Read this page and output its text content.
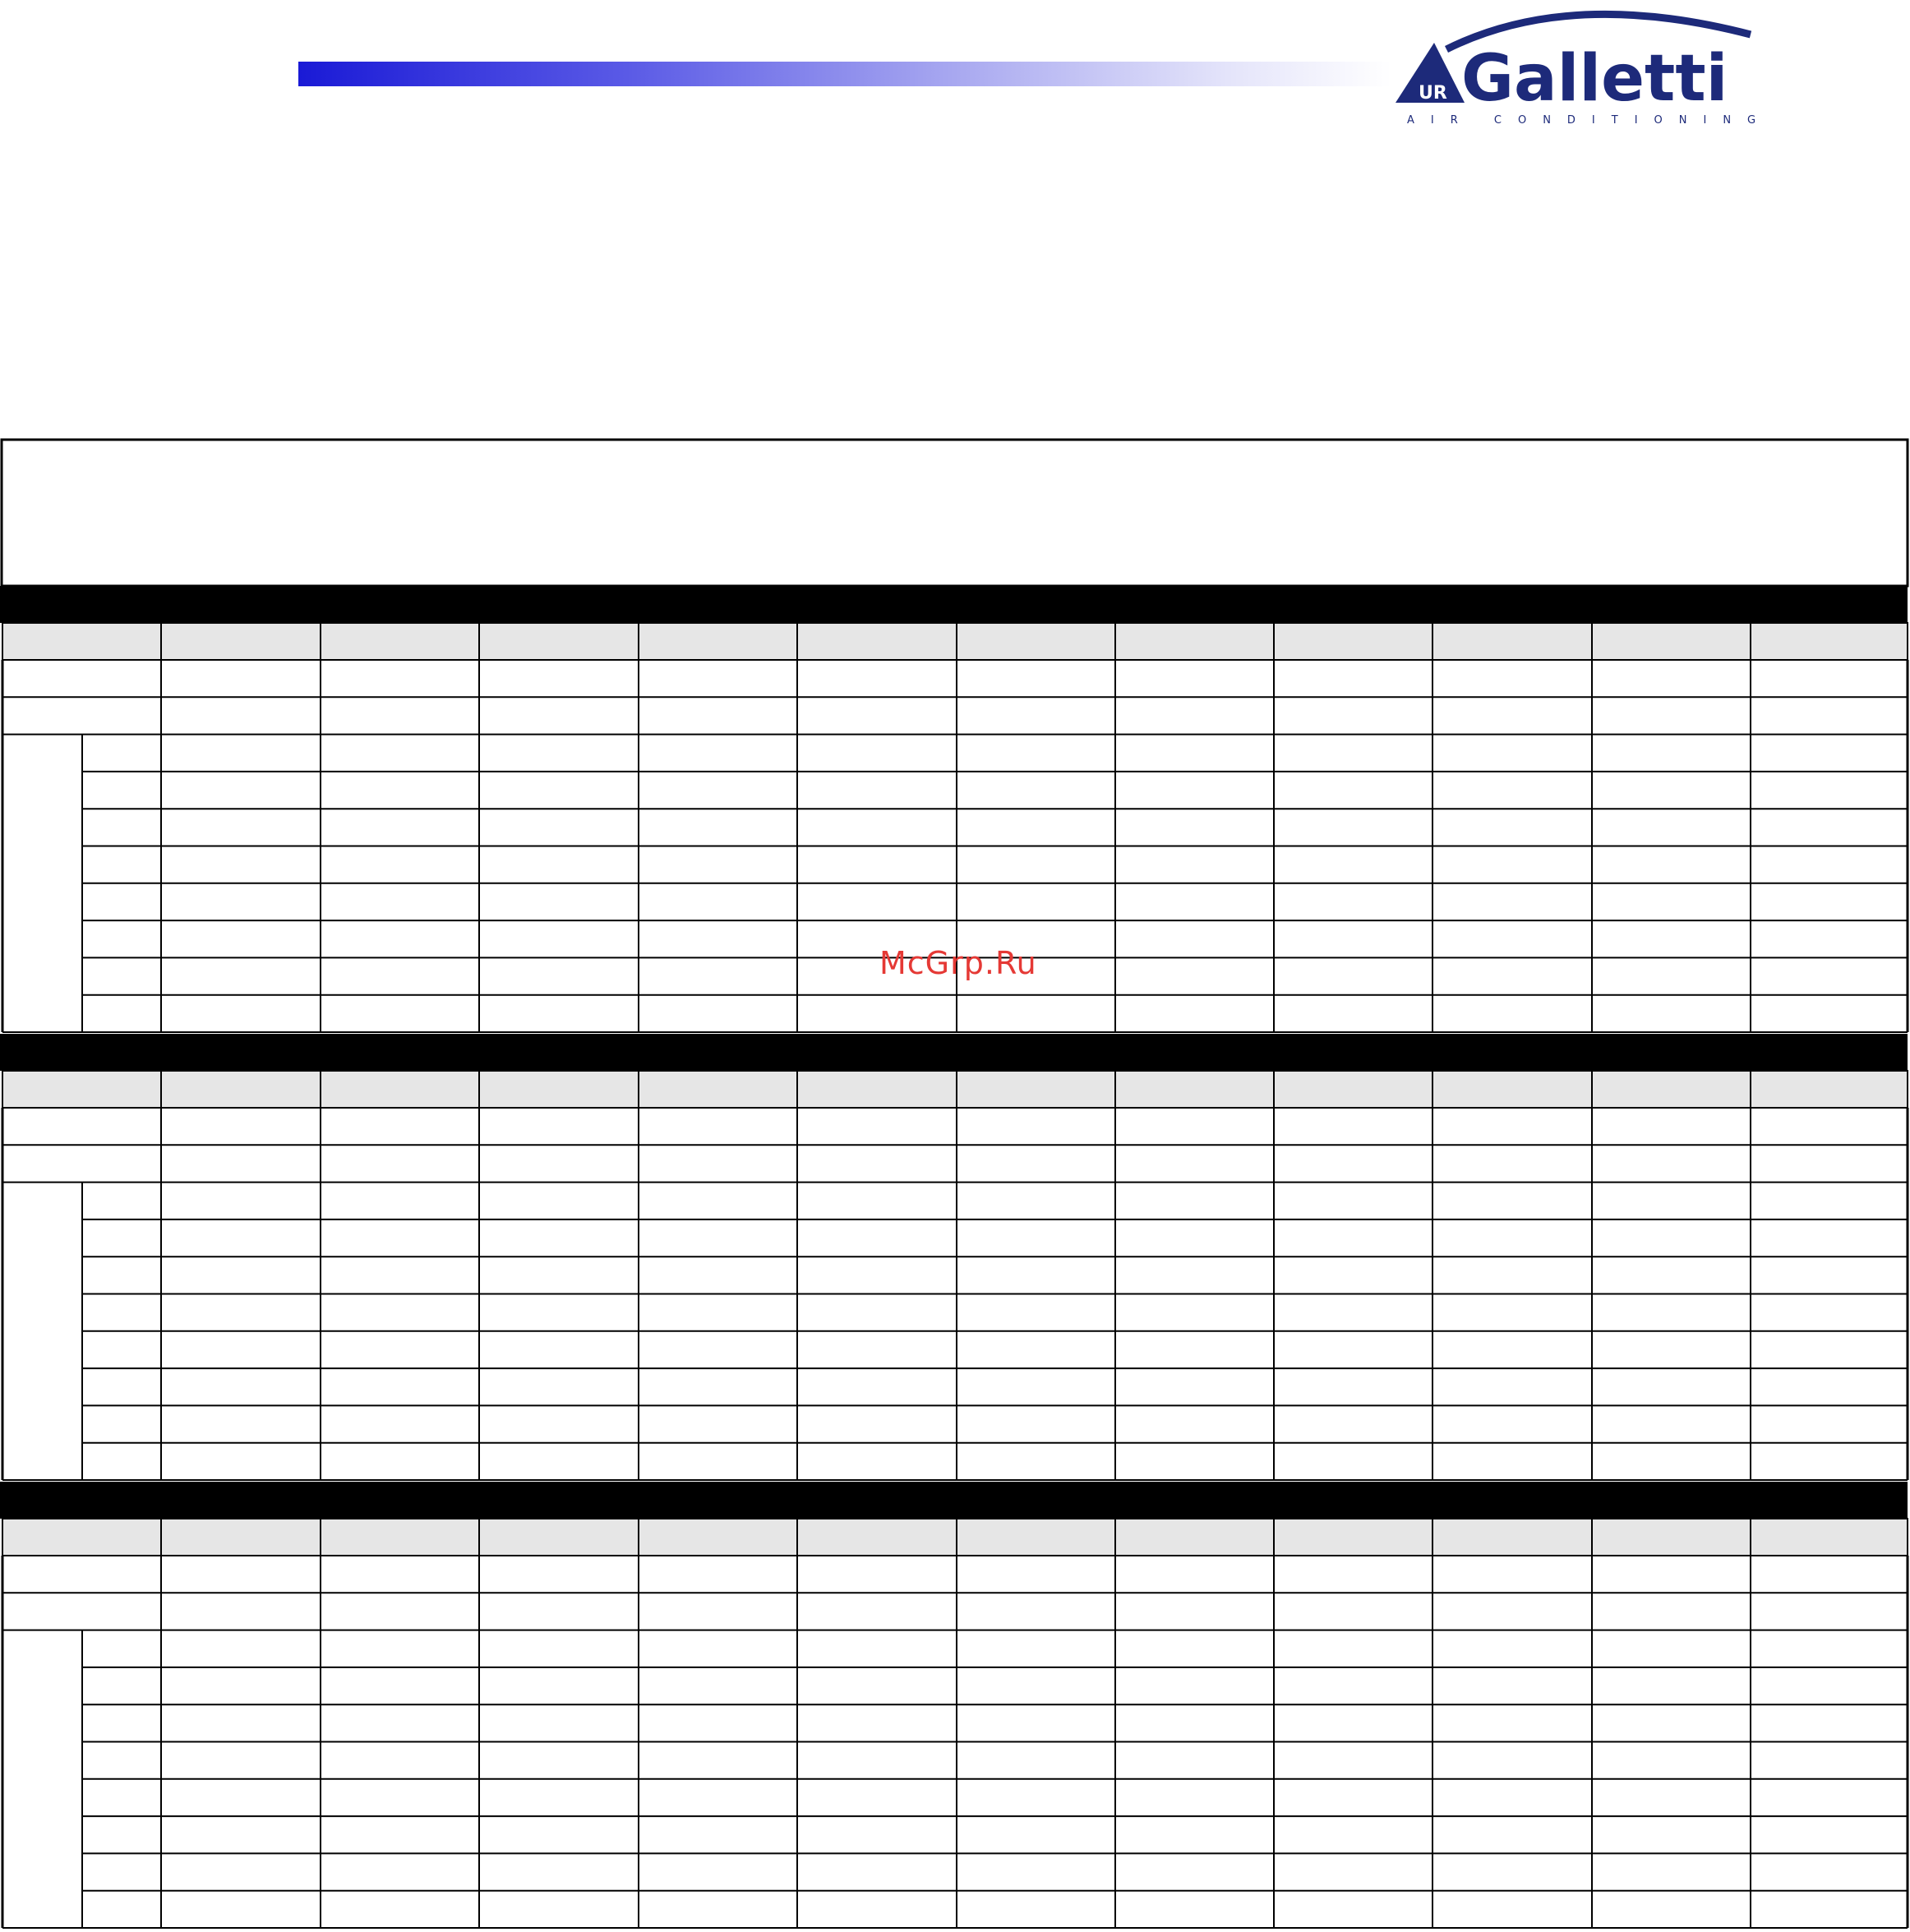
UR Galletti
AIR CONDITIONING
McGrp.Ru
